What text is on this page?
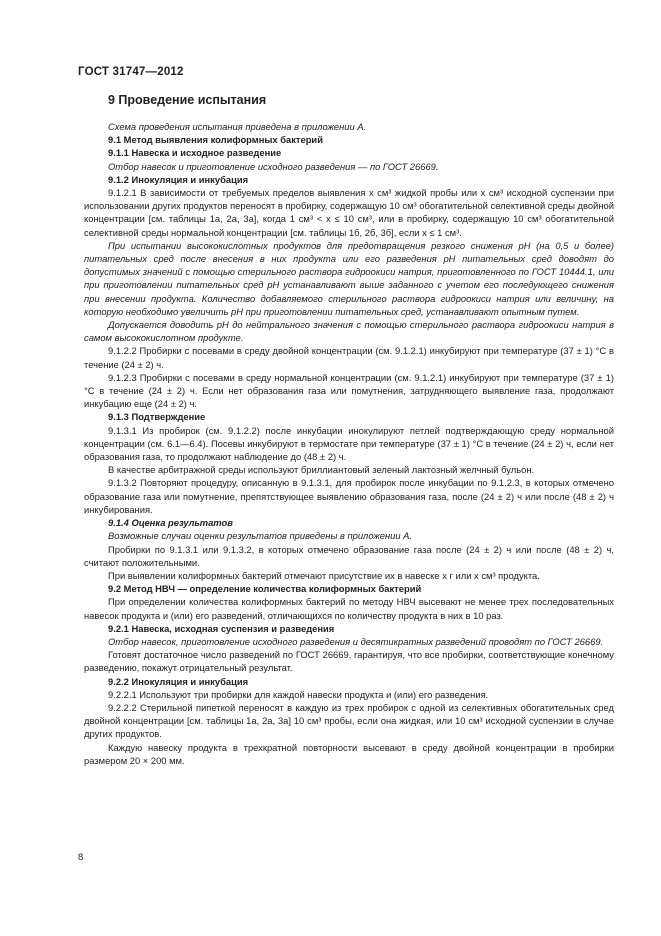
ГОСТ 31747—2012

9 Проведение испытания

Схема проведения испытания приведена в приложении А.

9.1 Метод выявления колиформных бактерий

9.1.1 Навеска и исходное разведение

Отбор навесок и приготовление исходного разведения — по ГОСТ 26669.

9.1.2 Инокуляция и инкубация

9.1.2.1 В зависимости от требуемых пределов выявления x см³ жидкой пробы или x см³ исходной суспензии при использовании других продуктов переносят в пробирку, содержащую 10 см³ обогатительной селективной среды двойной концентрации [см. таблицы 1а, 2а, 3а], когда 1 см³ < x ≤ 10 см³, или в пробирку, содержащую 10 см³ обогатительной селективной среды нормальной концентрации [см. таблицы 1б, 2б, 3б], если x ≤ 1 см³.

При испытании высококислотных продуктов для предотвращения резкого снижения pH (на 0,5 и более) питательных сред после внесения в них продукта или его разведения pH питательных сред доводят до допустимых значений с помощью стерильного раствора гидроокиси натрия, приготовленного по ГОСТ 10444.1, или при приготовлении питательных сред pH устанавливают выше заданного с учетом его последующего снижения при внесении продукта. Количество добавляемого стерильного раствора гидроокиси натрия или величину, на которую необходимо увеличить pH при приготовлении питательных сред, устанавливают опытным путем.

Допускается доводить pH до нейтрального значения с помощью стерильного раствора гидроокиси натрия в самом высококислотном продукте.

9.1.2.2 Пробирки с посевами в среду двойной концентрации (см. 9.1.2.1) инкубируют при температуре (37 ± 1) °С в течение (24 ± 2) ч.

9.1.2.3 Пробирки с посевами в среду нормальной концентрации (см. 9.1.2.1) инкубируют при температуре (37 ± 1) °С в течение (24 ± 2) ч. Если нет образования газа или помутнения, затрудняющего выявление газа, продолжают инкубацию еще (24 ± 2) ч.

9.1.3 Подтверждение

9.1.3.1 Из пробирок (см. 9.1.2.2) после инкубации инокулируют петлей подтверждающую среду нормальной концентрации (см. 6.1—6.4). Посевы инкубируют в термостате при температуре (37 ± 1) °С в течение (24 ± 2) ч, если нет образования газа, то продолжают наблюдение до (48 ± 2) ч.

В качестве арбитражной среды используют бриллиантовый зеленый лактозный желчный бульон.

9.1.3.2 Повторяют процедуру, описанную в 9.1.3.1, для пробирок после инкубации по 9.1.2.3, в которых отмечено образование газа или помутнение, препятствующее выявлению образования газа, после (24 ± 2) ч или после (48 ± 2) ч инкубирования.

9.1.4 Оценка результатов

Возможные случаи оценки результатов приведены в приложении А.

Пробирки по 9.1.3.1 или 9.1.3.2, в которых отмечено образование газа после (24 ± 2) ч или после (48 ± 2) ч, считают положительными.

При выявлении колиформных бактерий отмечают присутствие их в навеске x г или x см³ продукта.

9.2 Метод НВЧ — определение количества колиформных бактерий

При определении количества колиформных бактерий по методу НВЧ высевают не менее трех последовательных навесок продукта и (или) его разведений, отличающихся по количеству продукта в них в 10 раз.

9.2.1 Навеска, исходная суспензия и разведения

Отбор навесок, приготовление исходного разведения и десятикратных разведений проводят по ГОСТ 26669.

Готовят достаточное число разведений по ГОСТ 26669, гарантируя, что все пробирки, соответствующие конечному разведению, покажут отрицательный результат.

9.2.2 Инокуляция и инкубация

9.2.2.1 Используют три пробирки для каждой навески продукта и (или) его разведения.

9.2.2.2 Стерильной пипеткой переносят в каждую из трех пробирок с одной из селективных обогатительных сред двойной концентрации [см. таблицы 1а, 2а, 3а] 10 см³ пробы, если она жидкая, или 10 см³ исходной суспензии в случае других продуктов.

Каждую навеску продукта в трехкратной повторности высевают в среду двойной концентрации в пробирки размером 20 × 200 мм.

8
